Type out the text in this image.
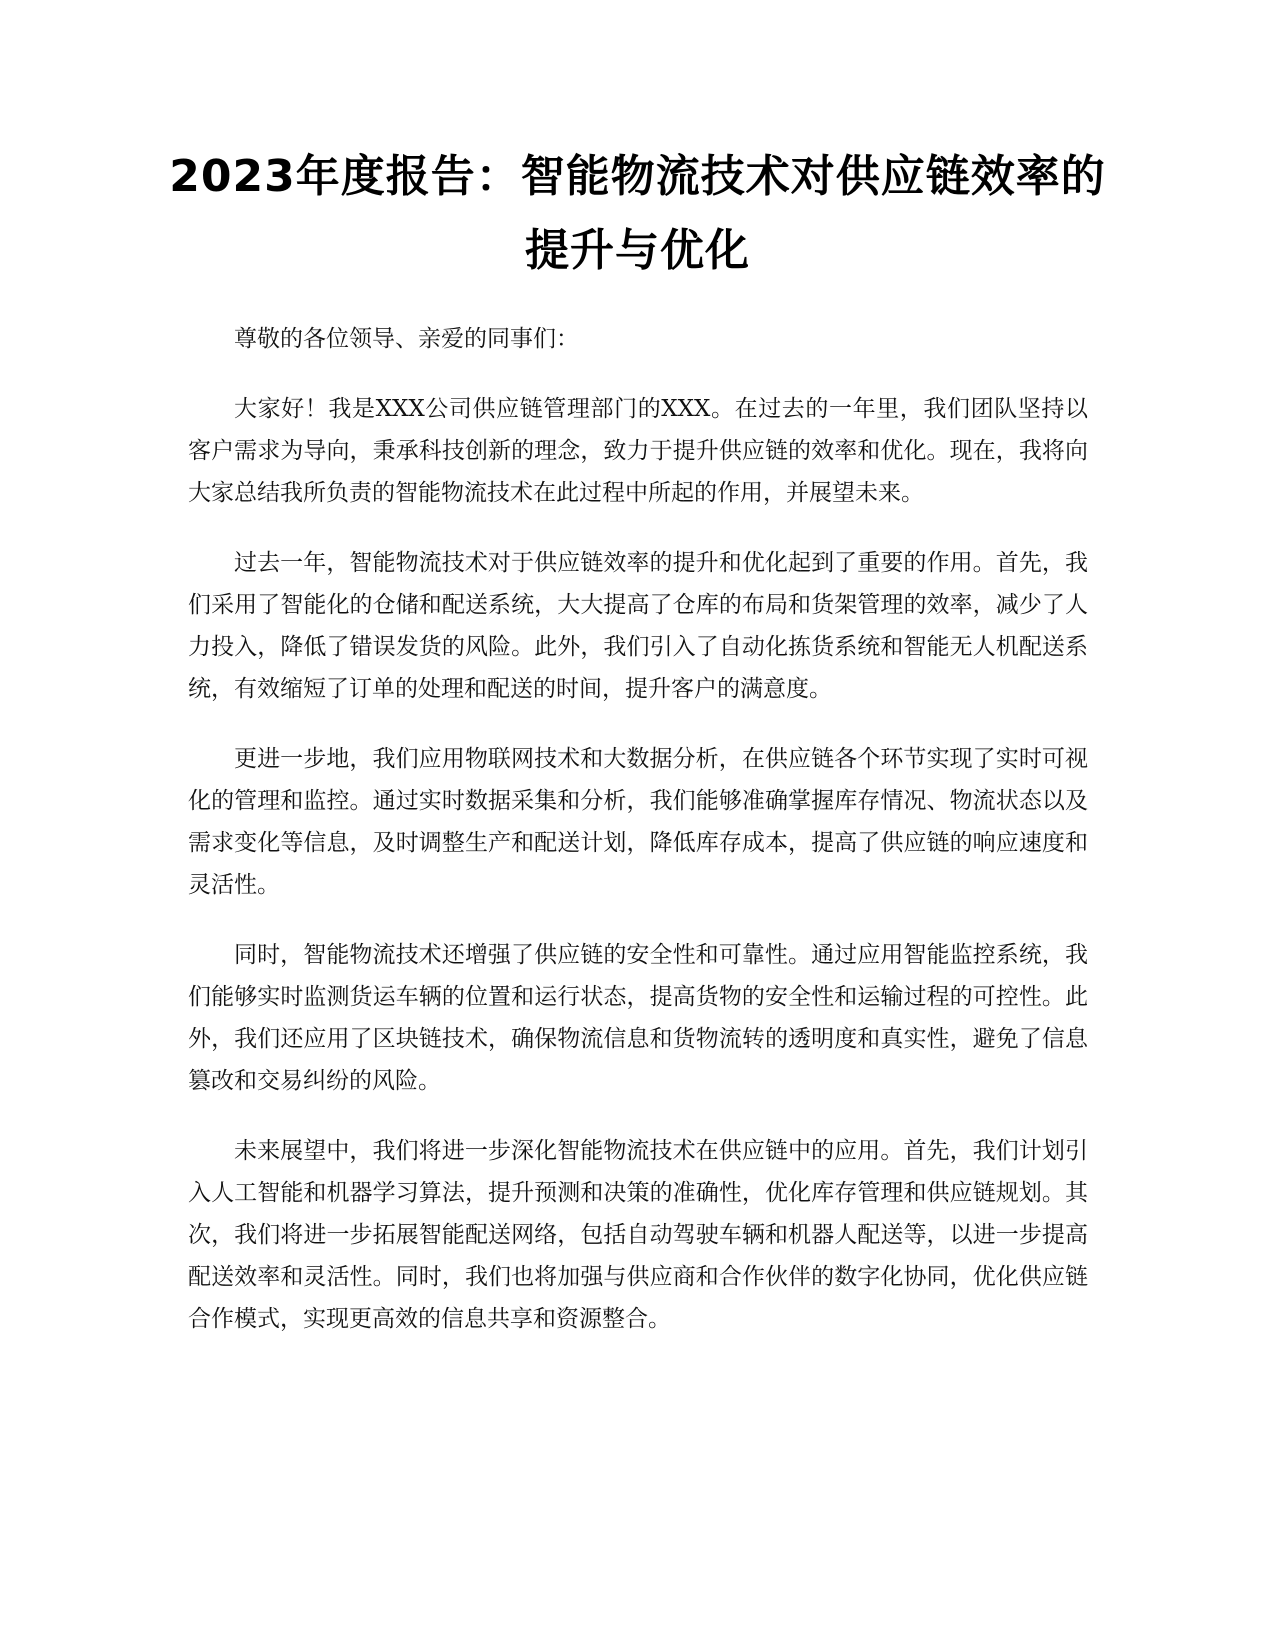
2023年度报告：智能物流技术对供应链效率的提升与优化

尊敬的各位领导、亲爱的同事们：

大家好！我是XXX公司供应链管理部门的XXX。在过去的一年里，我们团队坚持以客户需求为导向，秉承科技创新的理念，致力于提升供应链的效率和优化。现在，我将向大家总结我所负责的智能物流技术在此过程中所起的作用，并展望未来。

过去一年，智能物流技术对于供应链效率的提升和优化起到了重要的作用。首先，我们采用了智能化的仓储和配送系统，大大提高了仓库的布局和货架管理的效率，减少了人力投入，降低了错误发货的风险。此外，我们引入了自动化拣货系统和智能无人机配送系统，有效缩短了订单的处理和配送的时间，提升客户的满意度。

更进一步地，我们应用物联网技术和大数据分析，在供应链各个环节实现了实时可视化的管理和监控。通过实时数据采集和分析，我们能够准确掌握库存情况、物流状态以及需求变化等信息，及时调整生产和配送计划，降低库存成本，提高了供应链的响应速度和灵活性。

同时，智能物流技术还增强了供应链的安全性和可靠性。通过应用智能监控系统，我们能够实时监测货运车辆的位置和运行状态，提高货物的安全性和运输过程的可控性。此外，我们还应用了区块链技术，确保物流信息和货物流转的透明度和真实性，避免了信息篡改和交易纠纷的风险。

未来展望中，我们将进一步深化智能物流技术在供应链中的应用。首先，我们计划引入人工智能和机器学习算法，提升预测和决策的准确性，优化库存管理和供应链规划。其次，我们将进一步拓展智能配送网络，包括自动驾驶车辆和机器人配送等，以进一步提高配送效率和灵活性。同时，我们也将加强与供应商和合作伙伴的数字化协同，优化供应链合作模式，实现更高效的信息共享和资源整合。
